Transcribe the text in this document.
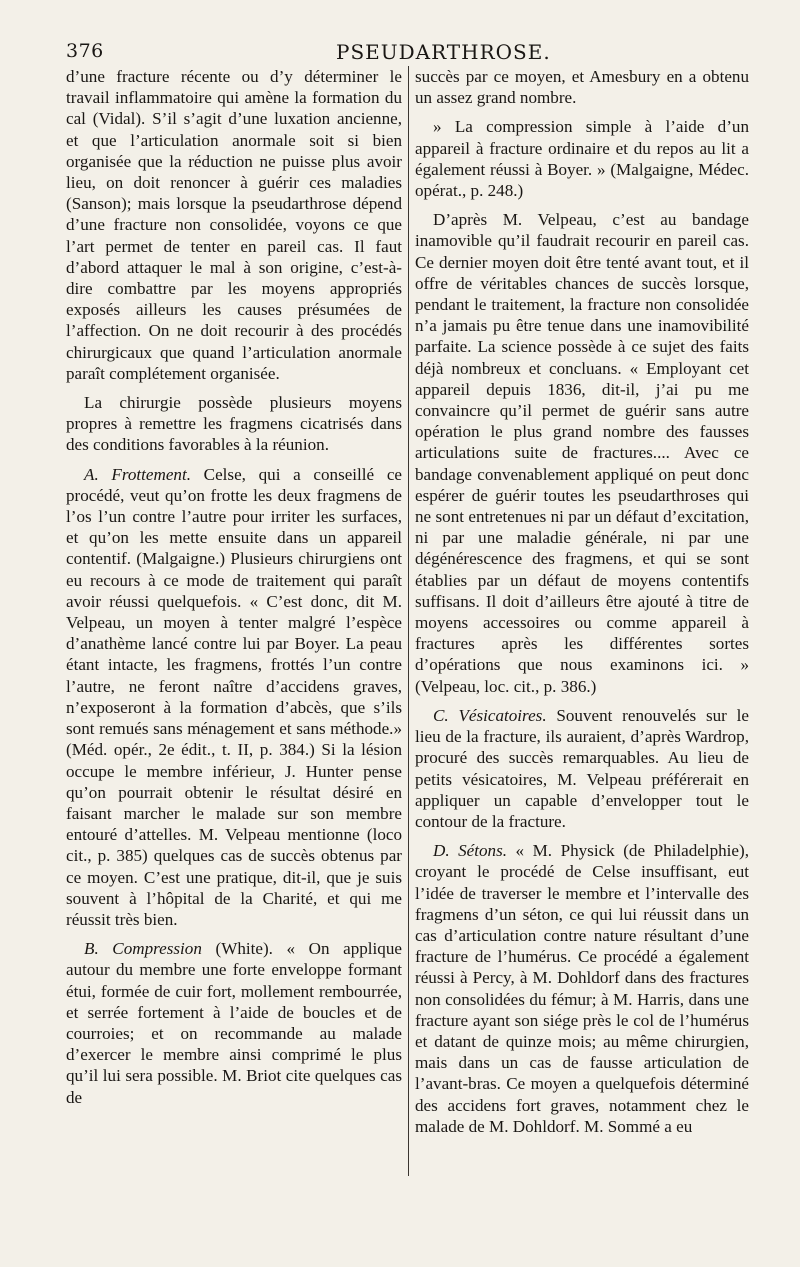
376	PSEUDARTHROSE.

d’une fracture récente ou d’y déterminer le travail inflammatoire qui amène la formation du cal (Vidal). S’il s’agit d’une luxation ancienne, et que l’articulation anormale soit si bien organisée que la réduction ne puisse plus avoir lieu, on doit renoncer à guérir ces maladies (Sanson); mais lorsque la pseudarthrose dépend d’une fracture non consolidée, voyons ce que l’art permet de tenter en pareil cas. Il faut d’abord attaquer le mal à son origine, c’est-à-dire combattre par les moyens appropriés exposés ailleurs les causes présumées de l’affection. On ne doit recourir à des procédés chirurgicaux que quand l’articulation anormale paraît complétement organisée.

La chirurgie possède plusieurs moyens propres à remettre les fragmens cicatrisés dans des conditions favorables à la réunion.

A. Frottement. Celse, qui a conseillé ce procédé, veut qu’on frotte les deux fragmens de l’os l’un contre l’autre pour irriter les surfaces, et qu’on les mette ensuite dans un appareil contentif. (Malgaigne.) Plusieurs chirurgiens ont eu recours à ce mode de traitement qui paraît avoir réussi quelquefois. « C’est donc, dit M. Velpeau, un moyen à tenter malgré l’espèce d’anathème lancé contre lui par Boyer. La peau étant intacte, les fragmens, frottés l’un contre l’autre, ne feront naître d’accidens graves, n’exposeront à la formation d’abcès, que s’ils sont remués sans ménagement et sans méthode.» (Méd. opér., 2e édit., t. II, p. 384.) Si la lésion occupe le membre inférieur, J. Hunter pense qu’on pourrait obtenir le résultat désiré en faisant marcher le malade sur son membre entouré d’attelles. M. Velpeau mentionne (loco cit., p. 385) quelques cas de succès obtenus par ce moyen. C’est une pratique, dit-il, que je suis souvent à l’hôpital de la Charité, et qui me réussit très bien.

B. Compression (White). « On applique autour du membre une forte enveloppe formant étui, formée de cuir fort, mollement rembourrée, et serrée fortement à l’aide de boucles et de courroies; et on recommande au malade d’exercer le membre ainsi comprimé le plus qu’il lui sera possible. M. Briot cite quelques cas de

succès par ce moyen, et Amesbury en a obtenu un assez grand nombre.

» La compression simple à l’aide d’un appareil à fracture ordinaire et du repos au lit a également réussi à Boyer. » (Malgaigne, Médec. opérat., p. 248.)

D’après M. Velpeau, c’est au bandage inamovible qu’il faudrait recourir en pareil cas. Ce dernier moyen doit être tenté avant tout, et il offre de véritables chances de succès lorsque, pendant le traitement, la fracture non consolidée n’a jamais pu être tenue dans une inamovibilité parfaite. La science possède à ce sujet des faits déjà nombreux et concluans. « Employant cet appareil depuis 1836, dit-il, j’ai pu me convaincre qu’il permet de guérir sans autre opération le plus grand nombre des fausses articulations suite de fractures.... Avec ce bandage convenablement appliqué on peut donc espérer de guérir toutes les pseudarthroses qui ne sont entretenues ni par un défaut d’excitation, ni par une maladie générale, ni par une dégénérescence des fragmens, et qui se sont établies par un défaut de moyens contentifs suffisans. Il doit d’ailleurs être ajouté à titre de moyens accessoires ou comme appareil à fractures après les différentes sortes d’opérations que nous examinons ici. » (Velpeau, loc. cit., p. 386.)

C. Vésicatoires. Souvent renouvelés sur le lieu de la fracture, ils auraient, d’après Wardrop, procuré des succès remarquables. Au lieu de petits vésicatoires, M. Velpeau préférerait en appliquer un capable d’envelopper tout le contour de la fracture.

D. Sétons. « M. Physick (de Philadelphie), croyant le procédé de Celse insuffisant, eut l’idée de traverser le membre et l’intervalle des fragmens d’un séton, ce qui lui réussit dans un cas d’articulation contre nature résultant d’une fracture de l’humérus. Ce procédé a également réussi à Percy, à M. Dohldorf dans des fractures non consolidées du fémur; à M. Harris, dans une fracture ayant son siége près le col de l’humérus et datant de quinze mois; au même chirurgien, mais dans un cas de fausse articulation de l’avant-bras. Ce moyen a quelquefois déterminé des accidens fort graves, notamment chez le malade de M. Dohldorf. M. Sommé a eu
